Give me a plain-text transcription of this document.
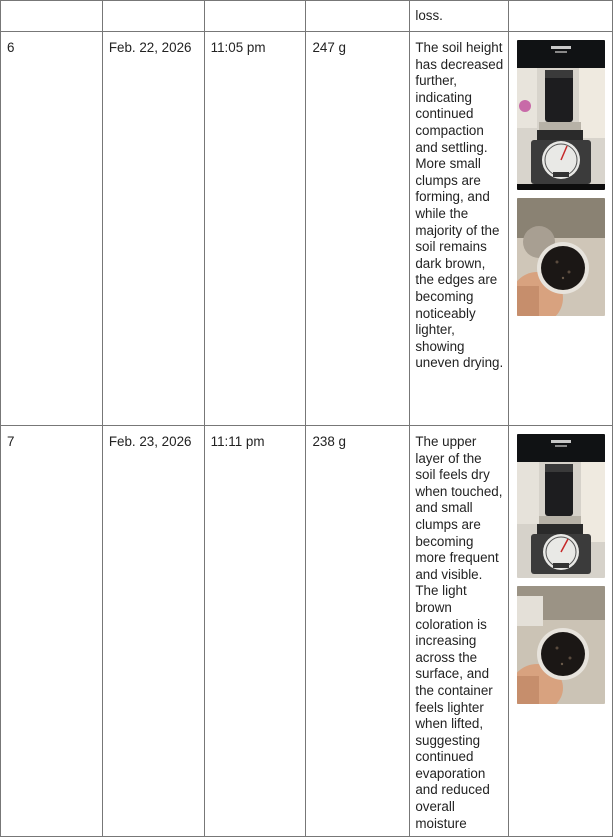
				loss.	

6	Feb. 22, 2026	11:05 pm	247 g	The soil height has decreased further, indicating continued compaction and settling. More small clumps are forming, and while the majority of the soil remains dark brown, the edges are becoming noticeably lighter, showing uneven drying.

7	Feb. 23, 2026	11:11 pm	238 g	The upper layer of the soil feels dry when touched, and small clumps are becoming more frequent and visible. The light brown coloration is increasing across the surface, and the container feels lighter when lifted, suggesting continued evaporation and reduced overall moisture
